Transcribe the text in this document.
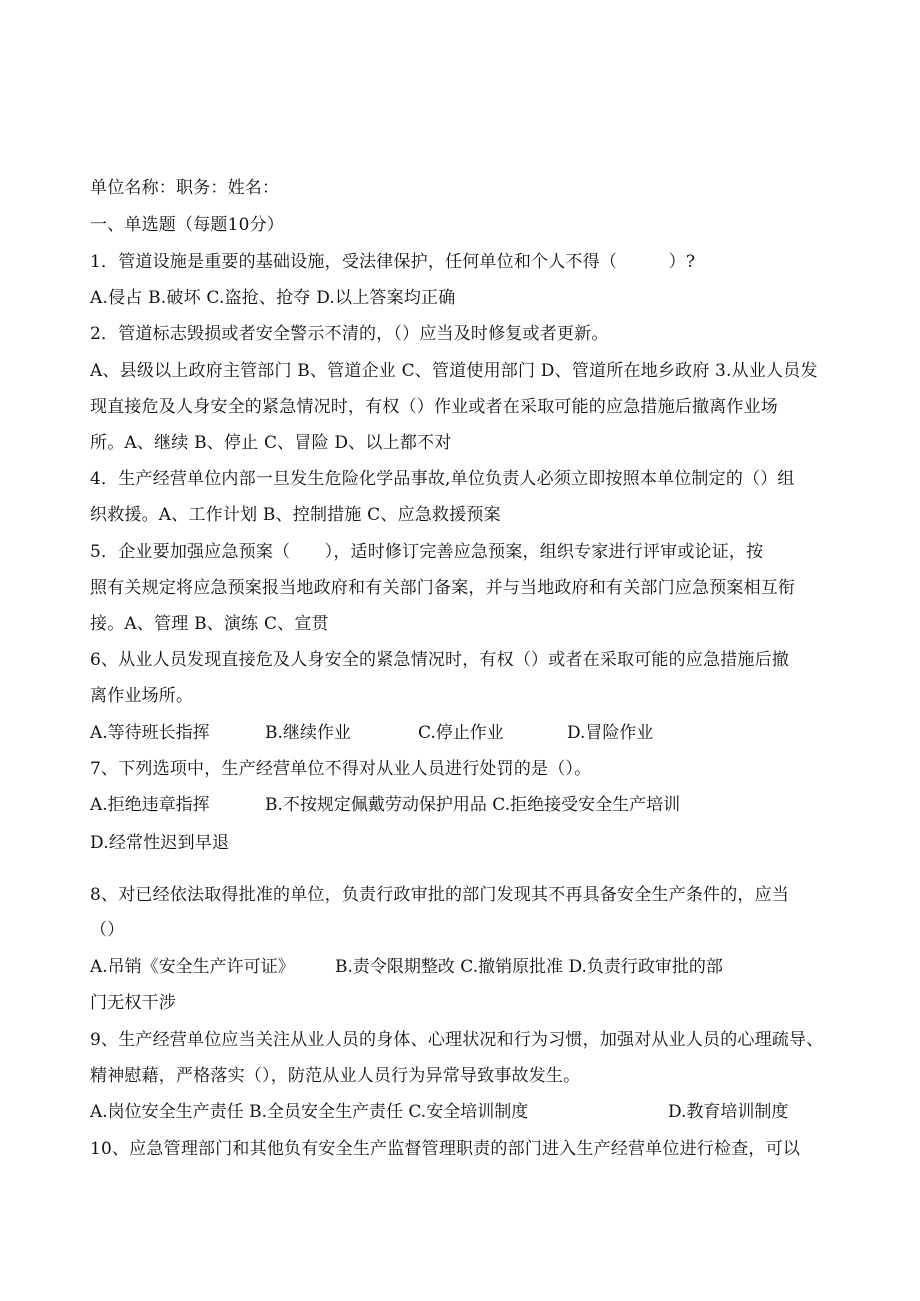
单位名称：职务：姓名：
一、单选题（每题10分）
1．管道设施是重要的基础设施，受法律保护，任何单位和个人不得（　　　）?
A.侵占 B.破坏 C.盗抢、抢夺 D.以上答案均正确
2．管道标志毁损或者安全警示不清的，（）应当及时修复或者更新。
A、县级以上政府主管部门 B、管道企业 C、管道使用部门 D、管道所在地乡政府 3.从业人员发
现直接危及人身安全的紧急情况时，有权（）作业或者在采取可能的应急措施后撤离作业场
所。A、继续 B、停止 C、冒险 D、以上都不对
4．生产经营单位内部一旦发生危险化学品事故,单位负责人必须立即按照本单位制定的（）组
织救援。A、工作计划 B、控制措施 C、应急救援预案
5．企业要加强应急预案（　　），适时修订完善应急预案，组织专家进行评审或论证，按
照有关规定将应急预案报当地政府和有关部门备案，并与当地政府和有关部门应急预案相互衔
接。A、管理 B、演练 C、宣贯
6、从业人员发现直接危及人身安全的紧急情况时，有权（）或者在采取可能的应急措施后撤
离作业场所。
A.等待班长指挥	B.继续作业	C.停止作业	D.冒险作业
7、下列选项中，生产经营单位不得对从业人员进行处罚的是（）。
A.拒绝违章指挥	B.不按规定佩戴劳动保护用品 C.拒绝接受安全生产培训
D.经常性迟到早退
8、对已经依法取得批准的单位，负责行政审批的部门发现其不再具备安全生产条件的，应当
（）
A.吊销《安全生产许可证》 B.责令限期整改 C.撤销原批准 D.负责行政审批的部
门无权干涉
9、生产经营单位应当关注从业人员的身体、心理状况和行为习惯，加强对从业人员的心理疏导、
精神慰藉，严格落实（），防范从业人员行为异常导致事故发生。
A.岗位安全生产责任 B.全员安全生产责任 C.安全培训制度	D.教育培训制度
10、应急管理部门和其他负有安全生产监督管理职责的部门进入生产经营单位进行检查，可以
